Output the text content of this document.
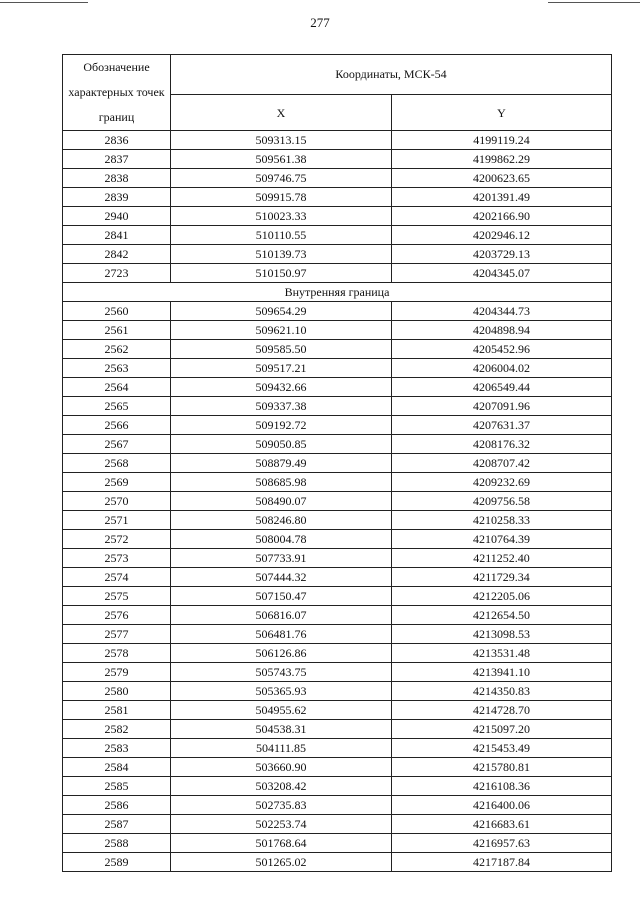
277
Обозначение характерных точек границ	Координаты, МСК-54	
	X	Y
2836	509313.15	4199119.24
2837	509561.38	4199862.29
2838	509746.75	4200623.65
2839	509915.78	4201391.49
2940	510023.33	4202166.90
2841	510110.55	4202946.12
2842	510139.73	4203729.13
2723	510150.97	4204345.07
Внутренняя граница		
2560	509654.29	4204344.73
2561	509621.10	4204898.94
2562	509585.50	4205452.96
2563	509517.21	4206004.02
2564	509432.66	4206549.44
2565	509337.38	4207091.96
2566	509192.72	4207631.37
2567	509050.85	4208176.32
2568	508879.49	4208707.42
2569	508685.98	4209232.69
2570	508490.07	4209756.58
2571	508246.80	4210258.33
2572	508004.78	4210764.39
2573	507733.91	4211252.40
2574	507444.32	4211729.34
2575	507150.47	4212205.06
2576	506816.07	4212654.50
2577	506481.76	4213098.53
2578	506126.86	4213531.48
2579	505743.75	4213941.10
2580	505365.93	4214350.83
2581	504955.62	4214728.70
2582	504538.31	4215097.20
2583	504111.85	4215453.49
2584	503660.90	4215780.81
2585	503208.42	4216108.36
2586	502735.83	4216400.06
2587	502253.74	4216683.61
2588	501768.64	4216957.63
2589	501265.02	4217187.84
